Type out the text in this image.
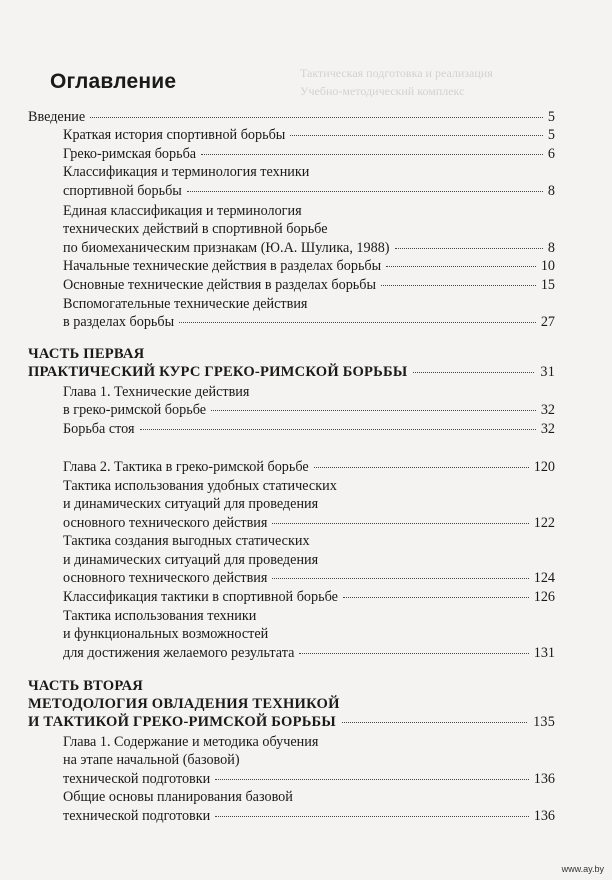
Тактическая подготовка и реализация
Учебно-методический комплекс
Оглавление
Введение	5
Краткая история спортивной борьбы	5
Греко-римская борьба	6
Классификация и терминология техники
спортивной борьбы	8
Единая классификация и терминология
технических действий в спортивной борьбе
по биомеханическим признакам (Ю.А. Шулика, 1988)	8
Начальные технические действия в разделах борьбы	10
Основные технические действия в разделах борьбы	15
Вспомогательные технические действия
в разделах борьбы	27
ЧАСТЬ ПЕРВАЯ
ПРАКТИЧЕСКИЙ КУРС ГРЕКО-РИМСКОЙ БОРЬБЫ	31
Глава 1. Технические действия
в греко-римской борьбе	32
Борьба стоя	32
Глава 2. Тактика в греко-римской борьбе	120
Тактика использования удобных статических
и динамических ситуаций для проведения
основного технического действия	122
Тактика создания выгодных статических
и динамических ситуаций для проведения
основного технического действия	124
Классификация тактики в спортивной борьбе	126
Тактика использования техники
и функциональных возможностей
для достижения желаемого результата	131
ЧАСТЬ ВТОРАЯ
МЕТОДОЛОГИЯ ОВЛАДЕНИЯ ТЕХНИКОЙ
И ТАКТИКОЙ ГРЕКО-РИМСКОЙ БОРЬБЫ	135
Глава 1. Содержание и методика обучения
на этапе начальной (базовой)
технической подготовки	136
Общие основы планирования базовой
технической подготовки	136
www.ay.by
